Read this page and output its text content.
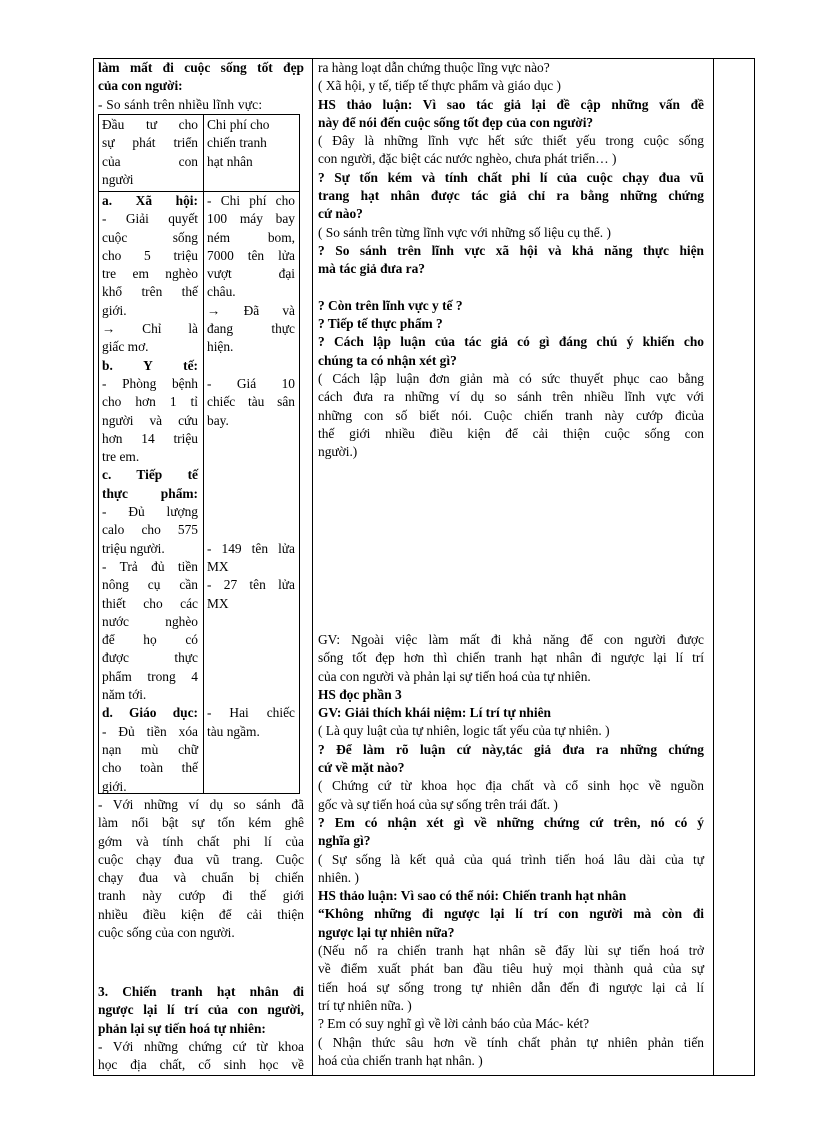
làm mất đi cuộc sống tốt đẹp
của con người:
- So sánh trên nhiều lĩnh vực:
Đầu tư cho
sự phát triển
của con
người
Chi phí cho
chiến tranh
hạt nhân
a. Xã hội:
- Giải quyết
cuộc sống
cho 5 triệu
tre em nghèo
khổ trên thế
giới.
→ Chỉ là
giấc mơ.
b. Y tế:
- Phòng bệnh
cho hơn 1 tỉ
người và cứu
hơn 14 triệu
tre em.
c. Tiếp tế
thực phẩm:
- Đủ lượng
calo cho 575
triệu người.
- Trả đủ tiền
nông cụ cần
thiết cho các
nước nghèo
để họ có
được thực
phẩm trong 4
năm tới.
d. Giáo dục:
- Đủ tiền xóa
nạn mù chữ
cho toàn thế
giới.
- Chi phí cho
100 máy bay
ném bom,
7000 tên lửa
vượt đại
châu.
→ Đã và
đang thực
hiện.

- Giá 10
chiếc tàu sân
bay.

- 149 tên lửa
MX
- 27 tên lửa
MX

- Hai chiếc
tàu ngầm.
- Với những ví dụ so sánh đã
làm nổi bật sự tốn kém ghê
gớm và tính chất phi lí của
cuộc chạy đua vũ trang. Cuộc
chạy đua và chuẩn bị chiến
tranh này cướp đi thế giới
nhiều điều kiện để cải thiện
cuộc sống của con người.
3. Chiến tranh hạt nhân đi
ngược lại lí trí của con người,
phản lại sự tiến hoá tự nhiên:
- Với những chứng cứ từ khoa
học địa chất, cổ sinh học về
ra hàng loạt dẫn chứng thuộc lĩng vực nào?
( Xã hội, y tế, tiếp tế thực phẩm và giáo dục )
HS thảo luận: Vì sao tác giả lại đề cập những vấn đề
này để nói đến cuộc sống tốt đẹp của con người?
( Đây là những lĩnh vực hết sức thiết yếu trong cuộc sống
con người, đặc biệt các nước nghèo, chưa phát triển… )
? Sự tốn kém và tính chất phi lí của cuộc chạy đua vũ
trang hạt nhân được tác giả chỉ ra bằng những chứng
cứ nào?
( So sánh trên từng lĩnh vực với những số liệu cụ thể. )
? So sánh trên lĩnh vực xã hội và khả năng thực hiện
mà tác giả đưa ra?

? Còn trên lĩnh vực y tế ?
? Tiếp tế thực phẩm ?
? Cách lập luận của tác giả có gì đáng chú ý khiến cho
chúng ta có nhận xét gì?
( Cách lập luận đơn giản mà có sức thuyết phục cao bằng
cách đưa ra những ví dụ so sánh trên nhiều lĩnh vực với
những con số biết nói. Cuộc chiến tranh này cướp đicủa
thế giới nhiều điều kiện để cải thiện cuộc sống con
người.)
GV: Ngoài việc làm mất đi khả năng để con người được
sống tốt đẹp hơn thì chiến tranh hạt nhân đi ngược lại lí trí
của con người và phản lại sự tiến hoá của tự nhiên.
HS đọc phần 3
GV: Giải thích khái niệm: Lí trí tự nhiên
( Là quy luật của tự nhiên, logic tất yếu của tự nhiên. )
? Để làm rõ luận cứ này,tác giả đưa ra những chứng
cứ về mặt nào?
( Chứng cứ từ khoa học địa chất và cổ sinh học về nguồn
gốc và sự tiến hoá của sự sống trên trái đất. )
? Em có nhận xét gì về những chứng cứ trên, nó có ý
nghĩa gì?
( Sự sống là kết quả của quá trình tiến hoá lâu dài của tự
nhiên. )
HS thảo luận: Vì sao có thể nói: Chiến tranh hạt nhân
“Không những đi ngược lại lí trí con người mà còn đi
ngược lại tự nhiên nữa?
(Nếu nổ ra chiến tranh hạt nhân sẽ đẩy lùi sự tiến hoá trở
về điểm xuất phát ban đầu tiêu huỷ mọi thành quả của sự
tiến hoá sự sống trong tự nhiên dẫn đến đi ngược lại cả lí
trí tự nhiên nữa. )
? Em có suy nghĩ gì về lời cảnh báo của Mác- két?
( Nhận thức sâu hơn về tính chất phản tự nhiên phản tiến
hoá của chiến tranh hạt nhân. )
